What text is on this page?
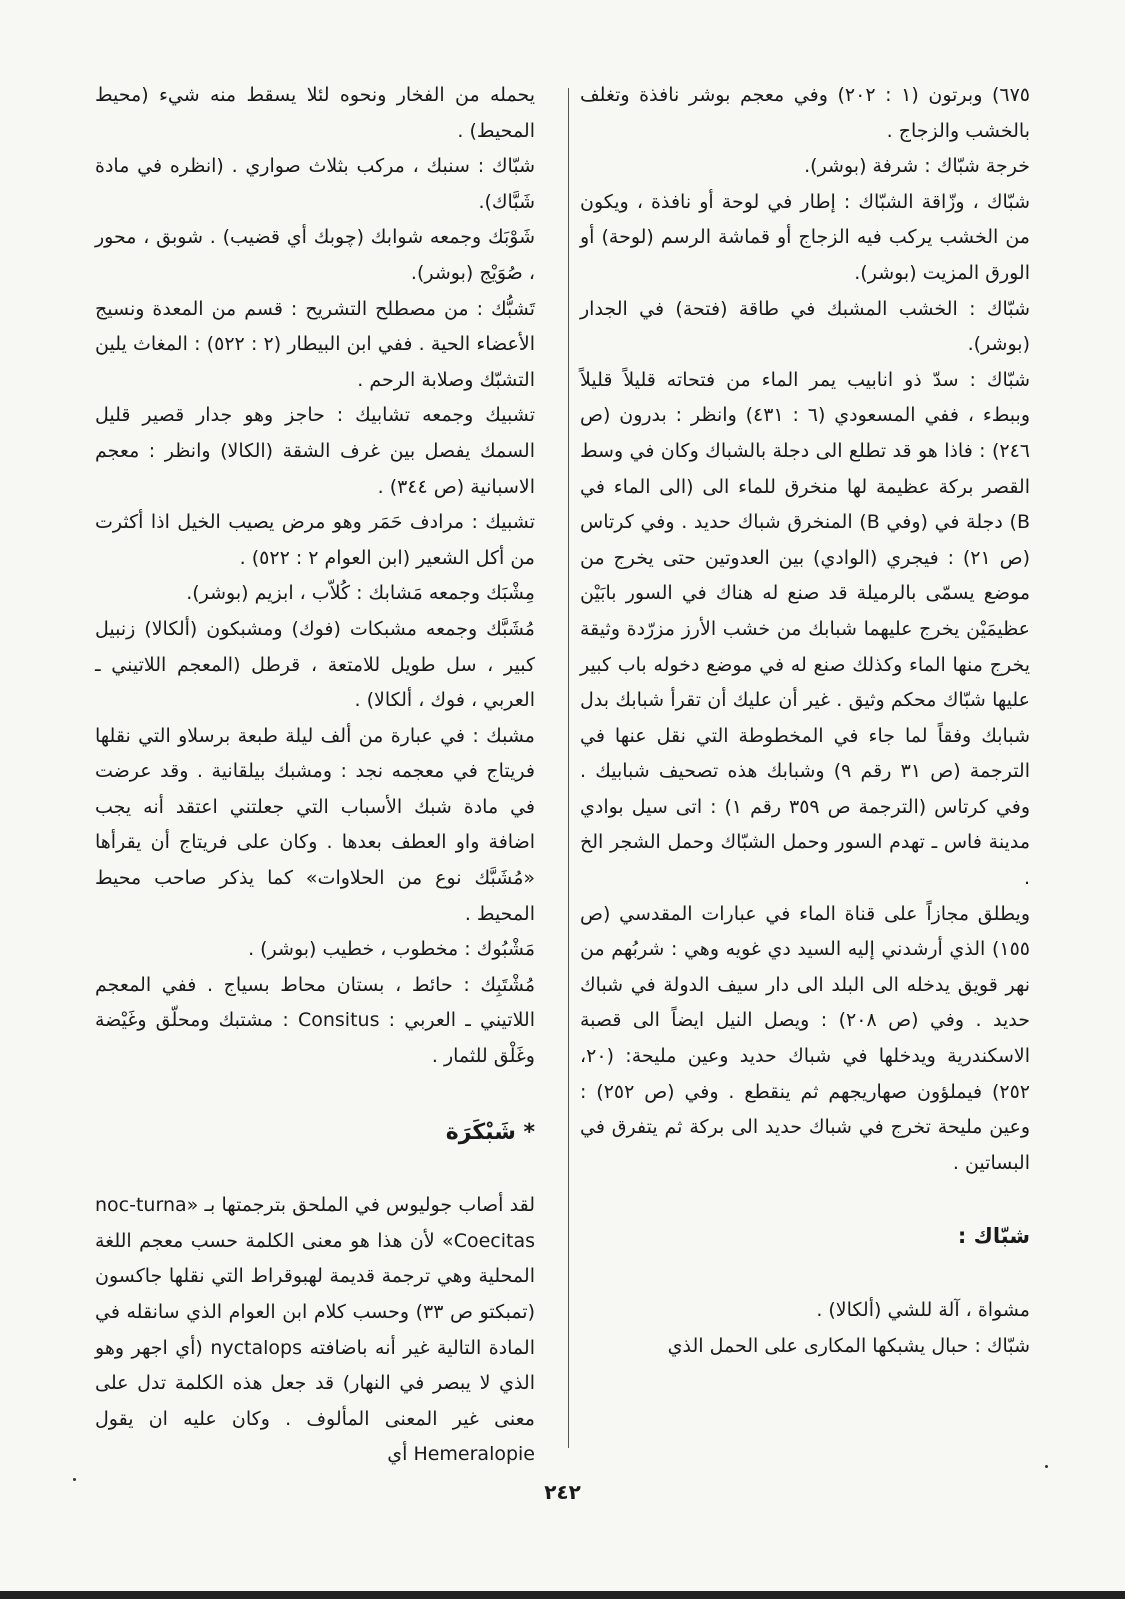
٦٧٥) وبرتون (١ : ٢٠٢) وفي معجم بوشر نافذة وتغلف بالخشب والزجاج .

خرجة شبّاك : شرفة (بوشر).

شبّاك ، وزّاقة الشبّاك : إطار في لوحة أو نافذة ، ويكون من الخشب يركب فيه الزجاج أو قماشة الرسم (لوحة) أو الورق المزيت (بوشر).

شبّاك : الخشب المشبك في طاقة (فتحة) في الجدار (بوشر).

شبّاك : سدّ ذو انابيب يمر الماء من فتحاته قليلاً قليلاً وببطء ، ففي المسعودي (٦ : ٤٣١) وانظر : بدرون (ص ٢٤٦) : فاذا هو قد تطلع الى دجلة بالشباك وكان في وسط القصر بركة عظيمة لها منخرق للماء الى (الى الماء في B) دجلة في (وفي B) المنخرق شباك حديد . وفي كرتاس (ص ٢١) : فيجري (الوادي) بين العدوتين حتى يخرج من موضع يسمّى بالرميلة قد صنع له هناك في السور بابَيْن عظيمَيْن يخرج عليهما شبابك من خشب الأرز مزرّدة وثيقة يخرج منها الماء وكذلك صنع له في موضع دخوله باب كبير عليها شبّاك محكم وثيق . غير أن عليك أن تقرأ شبابك بدل شبابك وفقاً لما جاء في المخطوطة التي نقل عنها في الترجمة (ص ٣١ رقم ٩) وشبابك هذه تصحيف شبابيك . وفي كرتاس (الترجمة ص ٣٥٩ رقم ١) : اتى سيل بوادي مدينة فاس ـ تهدم السور وحمل الشبّاك وحمل الشجر الخ .

ويطلق مجازاً على قناة الماء في عبارات المقدسي (ص ١٥٥) الذي أرشدني إليه السيد دي غويه وهي : شربُهم من نهر قويق يدخله الى البلد الى دار سيف الدولة في شباك حديد . وفي (ص ٢٠٨) : ويصل النيل ايضاً الى قصبة الاسكندرية ويدخلها في شباك حديد وعين مليحة: (٢٠، ٢٥٢) فيملؤون صهاريجهم ثم ينقطع . وفي (ص ٢٥٢) : وعين مليحة تخرج في شباك حديد الى بركة ثم يتفرق في البساتين .

شبّاك :

مشواة ، آلة للشي (ألكالا) .

شبّاك : حبال يشبكها المكارى على الحمل الذي

يحمله من الفخار ونحوه لئلا يسقط منه شيء (محيط المحيط) .

شبّاك : سنبك ، مركب بثلاث صواري . (انظره في مادة شَبَّاك).

شَوْبَك وجمعه شوابك (چوبك أي قضيب) . شوبق ، محور ، صُوَيْج (بوشر).

تَشبُّك : من مصطلح التشريح : قسم من المعدة ونسيج الأعضاء الحية . ففي ابن البيطار (٢ : ٥٢٢) : المغاث يلين التشبّك وصلابة الرحم .

تشبيك وجمعه تشابيك : حاجز وهو جدار قصير قليل السمك يفصل بين غرف الشقة (الكالا) وانظر : معجم الاسبانية (ص ٣٤٤) .

تشبيك : مرادف حَمَر وهو مرض يصيب الخيل اذا أكثرت من أكل الشعير (ابن العوام ٢ : ٥٢٢) .

مِشْبَك وجمعه مَشابك : كُلاّب ، ابزيم (بوشر).

مُشَبَّك وجمعه مشبكات (فوك) ومشبكون (ألكالا) زنبيل كبير ، سل طويل للامتعة ، قرطل (المعجم اللاتيني ـ العربي ، فوك ، ألكالا) .

مشبك : في عبارة من ألف ليلة طبعة برسلاو التي نقلها فريتاج في معجمه نجد : ومشبك بيلقانية . وقد عرضت في مادة شبك الأسباب التي جعلتني اعتقد أنه يجب اضافة واو العطف بعدها . وكان على فريتاج أن يقرأها «مُشَبَّك نوع من الحلاوات» كما يذكر صاحب محيط المحيط .

مَشْبُوك : مخطوب ، خطيب (بوشر) .

مُشْتَبِك : حائط ، بستان محاط بسياج . ففي المعجم اللاتيني ـ العربي : Consitus : مشتبك ومحلّق وغَيْضة وغَلْق للثمار .

* شَبْكَرَة

لقد أصاب جوليوس في الملحق بترجمتها بـ «noc-turna Coecitas» لأن هذا هو معنى الكلمة حسب معجم اللغة المحلية وهي ترجمة قديمة لهبوقراط التي نقلها جاكسون (تمبكتو ص ٣٣) وحسب كلام ابن العوام الذي سانقله في المادة التالية غير أنه باضافته nyctalops (أي اجهر وهو الذي لا يبصر في النهار) قد جعل هذه الكلمة تدل على معنى غير المعنى المألوف . وكان عليه ان يقول Hemeralopie أي

٢٤٢
